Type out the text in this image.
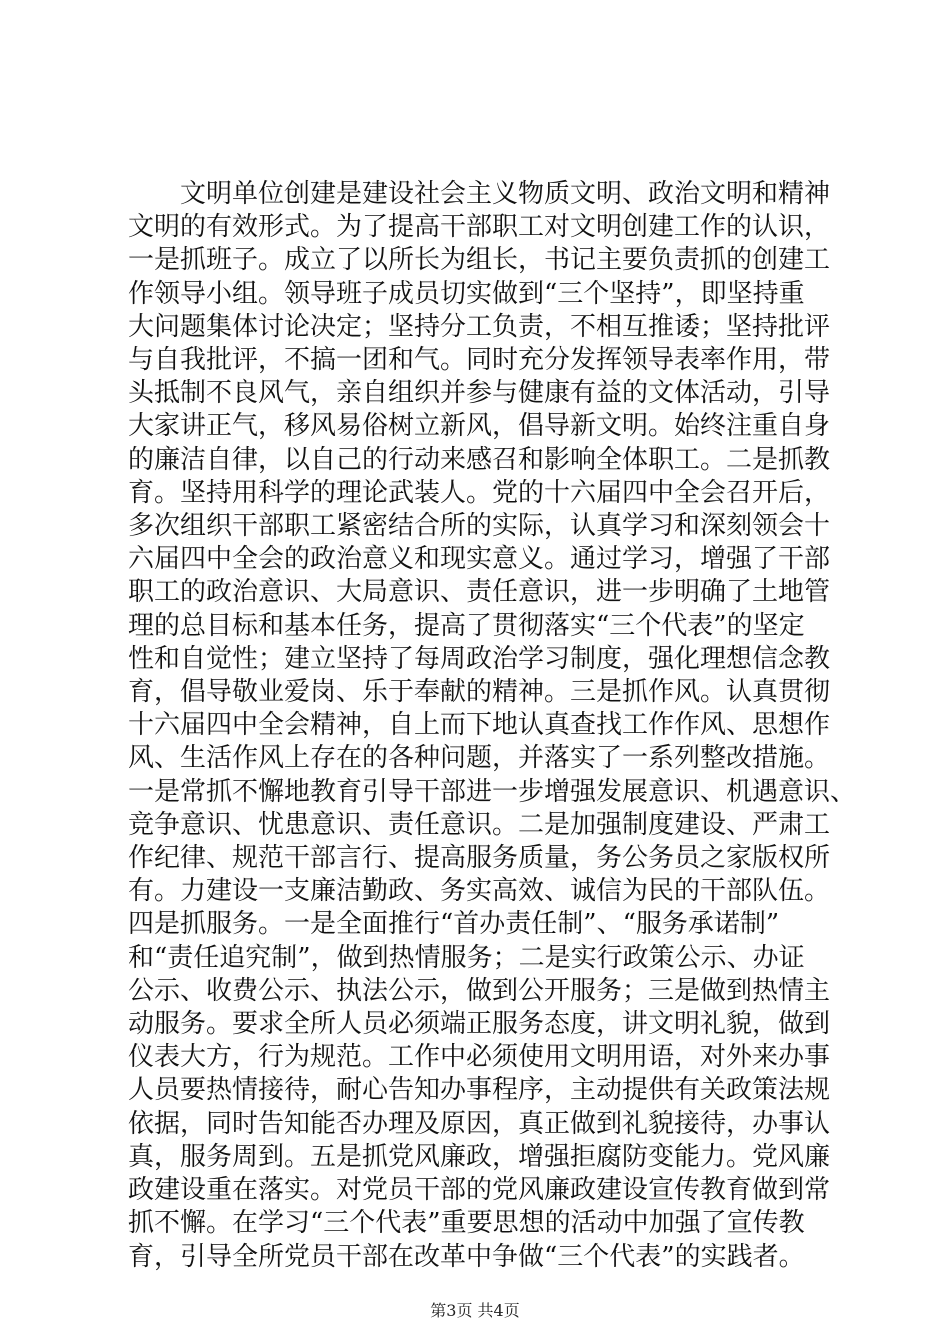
文明单位创建是建设社会主义物质文明、政治文明和精神
文明的有效形式。为了提高干部职工对文明创建工作的认识，
一是抓班子。成立了以所长为组长，书记主要负责抓的创建工
作领导小组。领导班子成员切实做到“三个坚持”，即坚持重
大问题集体讨论决定；坚持分工负责，不相互推诿；坚持批评
与自我批评，不搞一团和气。同时充分发挥领导表率作用，带
头抵制不良风气，亲自组织并参与健康有益的文体活动，引导
大家讲正气，移风易俗树立新风，倡导新文明。始终注重自身
的廉洁自律，以自己的行动来感召和影响全体职工。二是抓教
育。坚持用科学的理论武装人。党的十六届四中全会召开后，
多次组织干部职工紧密结合所的实际，认真学习和深刻领会十
六届四中全会的政治意义和现实意义。通过学习，增强了干部
职工的政治意识、大局意识、责任意识，进一步明确了土地管
理的总目标和基本任务，提高了贯彻落实“三个代表”的坚定
性和自觉性；建立坚持了每周政治学习制度，强化理想信念教
育，倡导敬业爱岗、乐于奉献的精神。三是抓作风。认真贯彻
十六届四中全会精神，自上而下地认真查找工作作风、思想作
风、生活作风上存在的各种问题，并落实了一系列整改措施。
一是常抓不懈地教育引导干部进一步增强发展意识、机遇意识、
竞争意识、忧患意识、责任意识。二是加强制度建设、严肃工
作纪律、规范干部言行、提高服务质量，务公务员之家版权所
有。力建设一支廉洁勤政、务实高效、诚信为民的干部队伍。
四是抓服务。一是全面推行“首办责任制”、“服务承诺制”
和“责任追究制”，做到热情服务；二是实行政策公示、办证
公示、收费公示、执法公示，做到公开服务；三是做到热情主
动服务。要求全所人员必须端正服务态度，讲文明礼貌，做到
仪表大方，行为规范。工作中必须使用文明用语，对外来办事
人员要热情接待，耐心告知办事程序，主动提供有关政策法规
依据，同时告知能否办理及原因，真正做到礼貌接待，办事认
真，服务周到。五是抓党风廉政，增强拒腐防变能力。党风廉
政建设重在落实。对党员干部的党风廉政建设宣传教育做到常
抓不懈。在学习“三个代表”重要思想的活动中加强了宣传教
育，引导全所党员干部在改革中争做“三个代表”的实践者。

第3页 共4页
